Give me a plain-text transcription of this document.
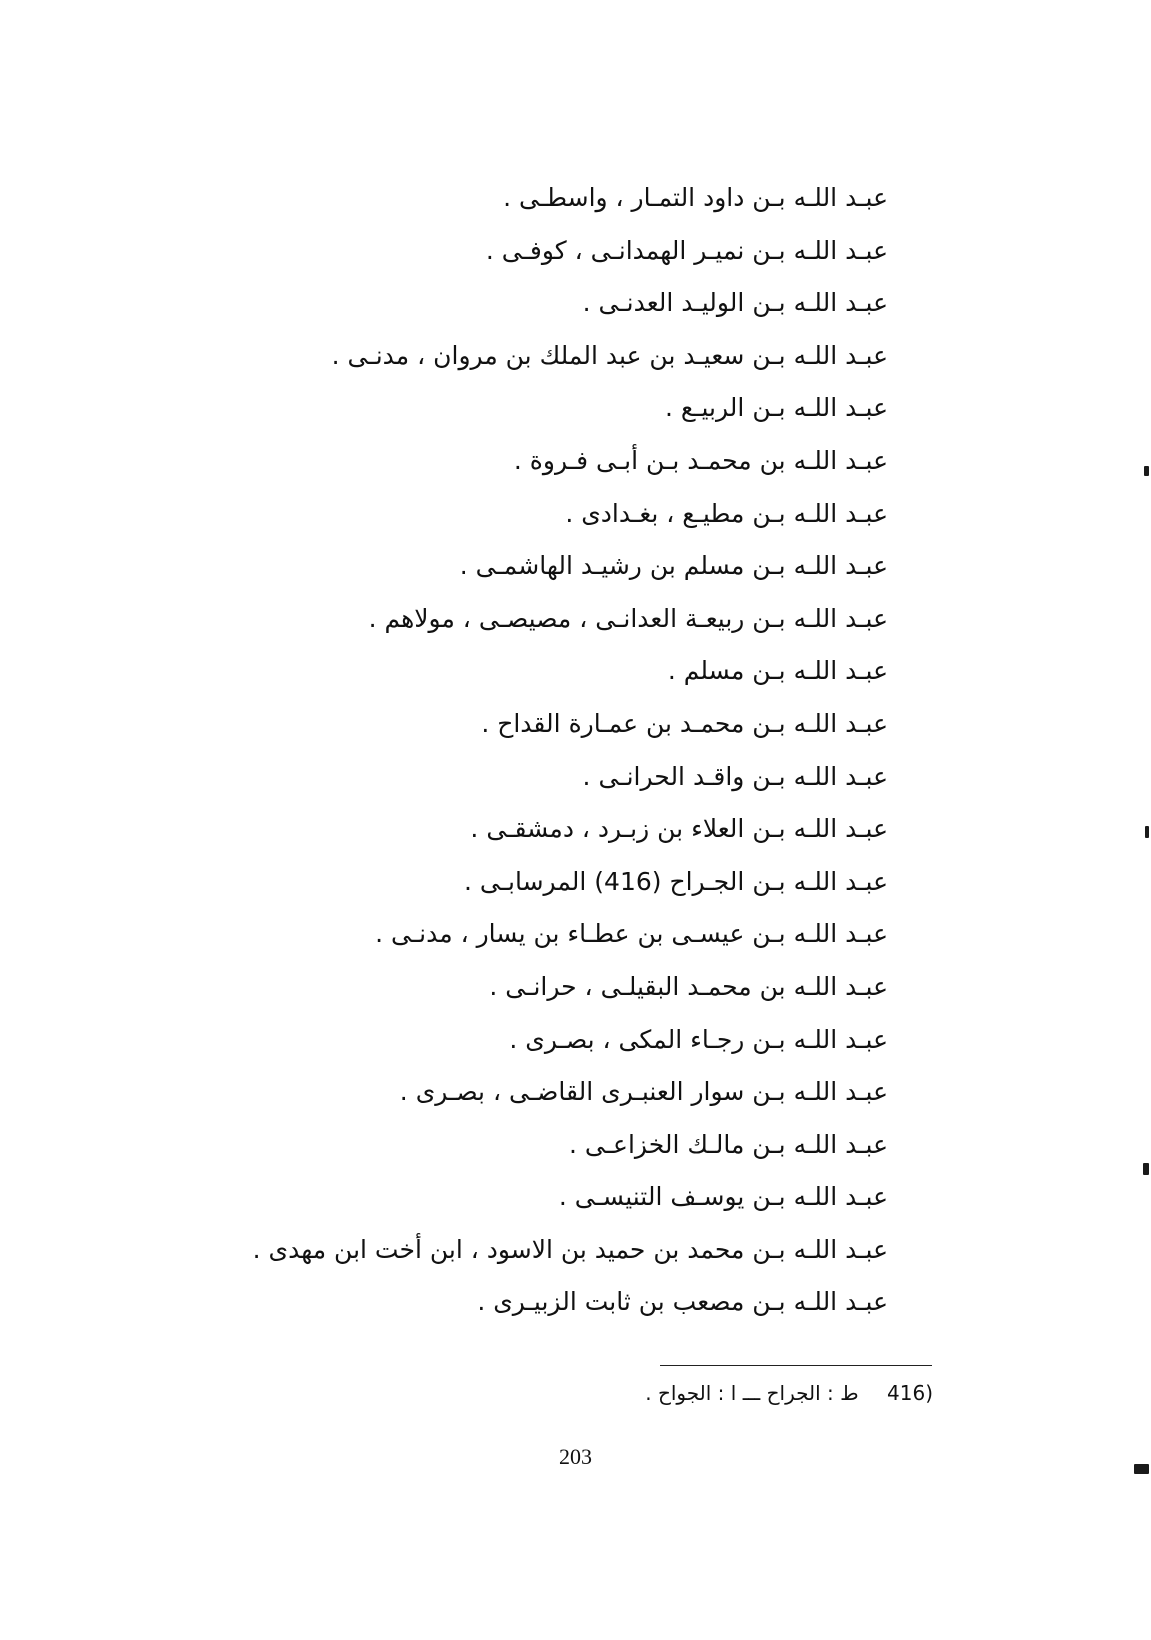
عبـد اللـه بـن داود التمـار ، واسطـى .
عبـد اللـه بـن نميـر الهمدانـى ، كوفـى .
عبـد اللـه بـن الوليـد العدنـى .
عبـد اللـه بـن سعيـد بن عبد الملك بن مروان ، مدنـى .
عبـد اللـه بـن الربيـع .
عبـد اللـه بن محمـد بـن أبـى فـروة .
عبـد اللـه بـن مطيـع ، بغـدادى .
عبـد اللـه بـن مسلم بن رشيـد الهاشمـى .
عبـد اللـه بـن ربيعـة العدانـى ، مصيصـى ، مولاهم .
عبـد اللـه بـن مسلم .
عبـد اللـه بـن محمـد بن عمـارة القداح .
عبـد اللـه بـن واقـد الحرانـى .
عبـد اللـه بـن العلاء بن زبـرد ، دمشقـى .
عبـد اللـه بـن الجـراح (416) المرسابـى .
عبـد اللـه بـن عيسـى بن عطـاء بن يسار ، مدنـى .
عبـد اللـه بن محمـد البقيلـى ، حرانـى .
عبـد اللـه بـن رجـاء المكى ، بصـرى .
عبـد اللـه بـن سوار العنبـرى القاضـى ، بصـرى .
عبـد اللـه بـن مالـك الخزاعـى .
عبـد اللـه بـن يوسـف التنيسـى .
عبـد اللـه بـن محمد بن حميد بن الاسود ، ابن أخت ابن مهدى .
عبـد اللـه بـن مصعب بن ثابت الزبيـرى .
(416 ط : الجراح ـــ ا : الجواح .
203
